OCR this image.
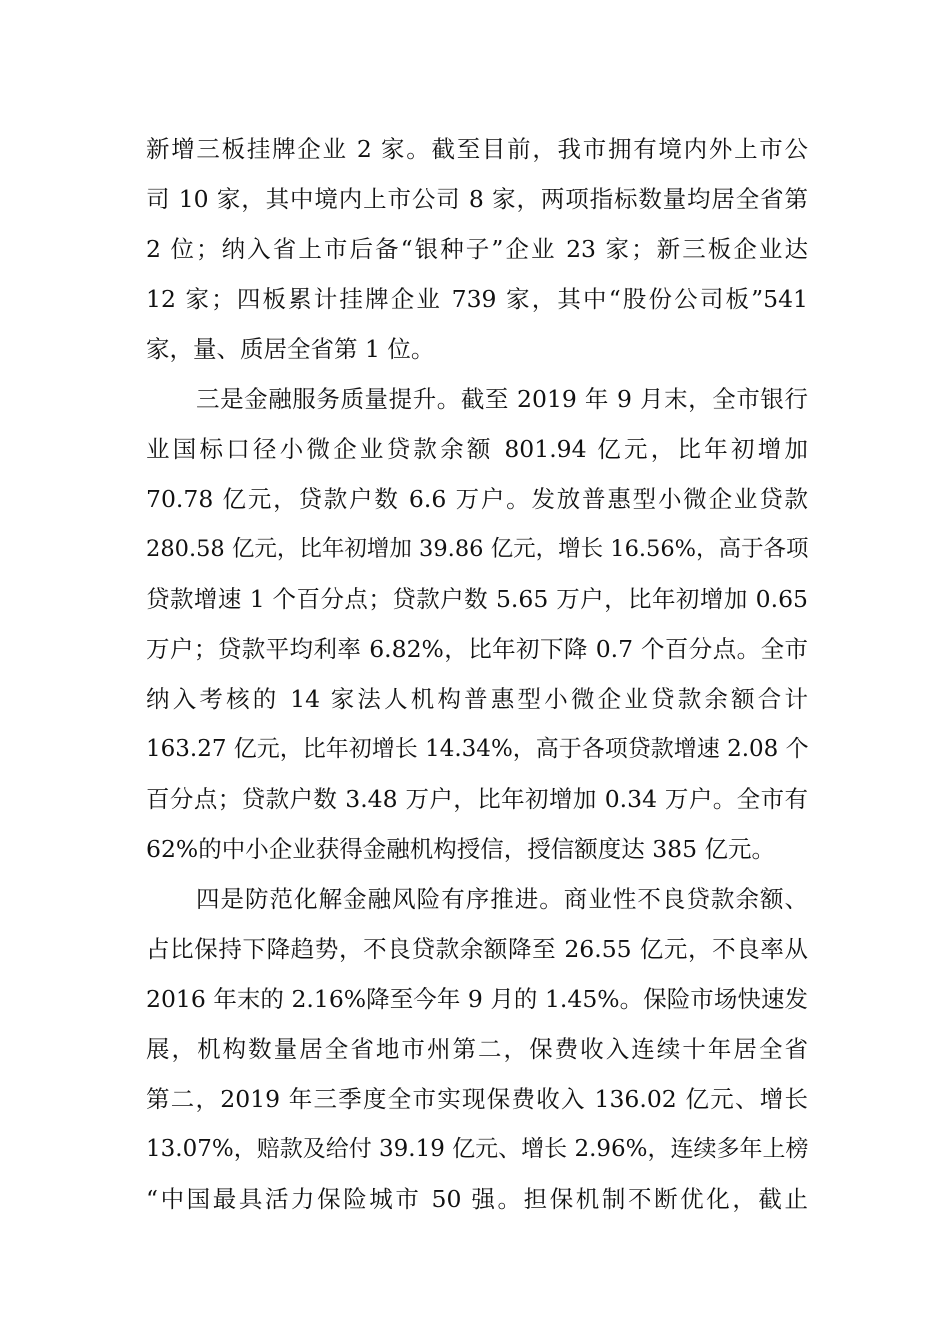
新增三板挂牌企业 2 家。截至目前，我市拥有境内外上市公
司 10 家，其中境内上市公司 8 家，两项指标数量均居全省第
2 位；纳入省上市后备“银种子”企业 23 家；新三板企业达
12 家；四板累计挂牌企业 739 家，其中“股份公司板”541
家，量、质居全省第 1 位。
三是金融服务质量提升。截至 2019 年 9 月末，全市银行
业国标口径小微企业贷款余额 801.94 亿元，比年初增加
70.78 亿元，贷款户数 6.6 万户。发放普惠型小微企业贷款
280.58 亿元，比年初增加 39.86 亿元，增长 16.56%，高于各项
贷款增速 1 个百分点；贷款户数 5.65 万户，比年初增加 0.65
万户；贷款平均利率 6.82%，比年初下降 0.7 个百分点。全市
纳入考核的 14 家法人机构普惠型小微企业贷款余额合计
163.27 亿元，比年初增长 14.34%，高于各项贷款增速 2.08 个
百分点；贷款户数 3.48 万户，比年初增加 0.34 万户。全市有
62%的中小企业获得金融机构授信，授信额度达 385 亿元。
四是防范化解金融风险有序推进。商业性不良贷款余额、
占比保持下降趋势，不良贷款余额降至 26.55 亿元，不良率从
2016 年末的 2.16%降至今年 9 月的 1.45%。保险市场快速发
展，机构数量居全省地市州第二，保费收入连续十年居全省
第二，2019 年三季度全市实现保费收入 136.02 亿元、增长
13.07%，赔款及给付 39.19 亿元、增长 2.96%，连续多年上榜
“中国最具活力保险城市 50 强。担保机制不断优化，截止
